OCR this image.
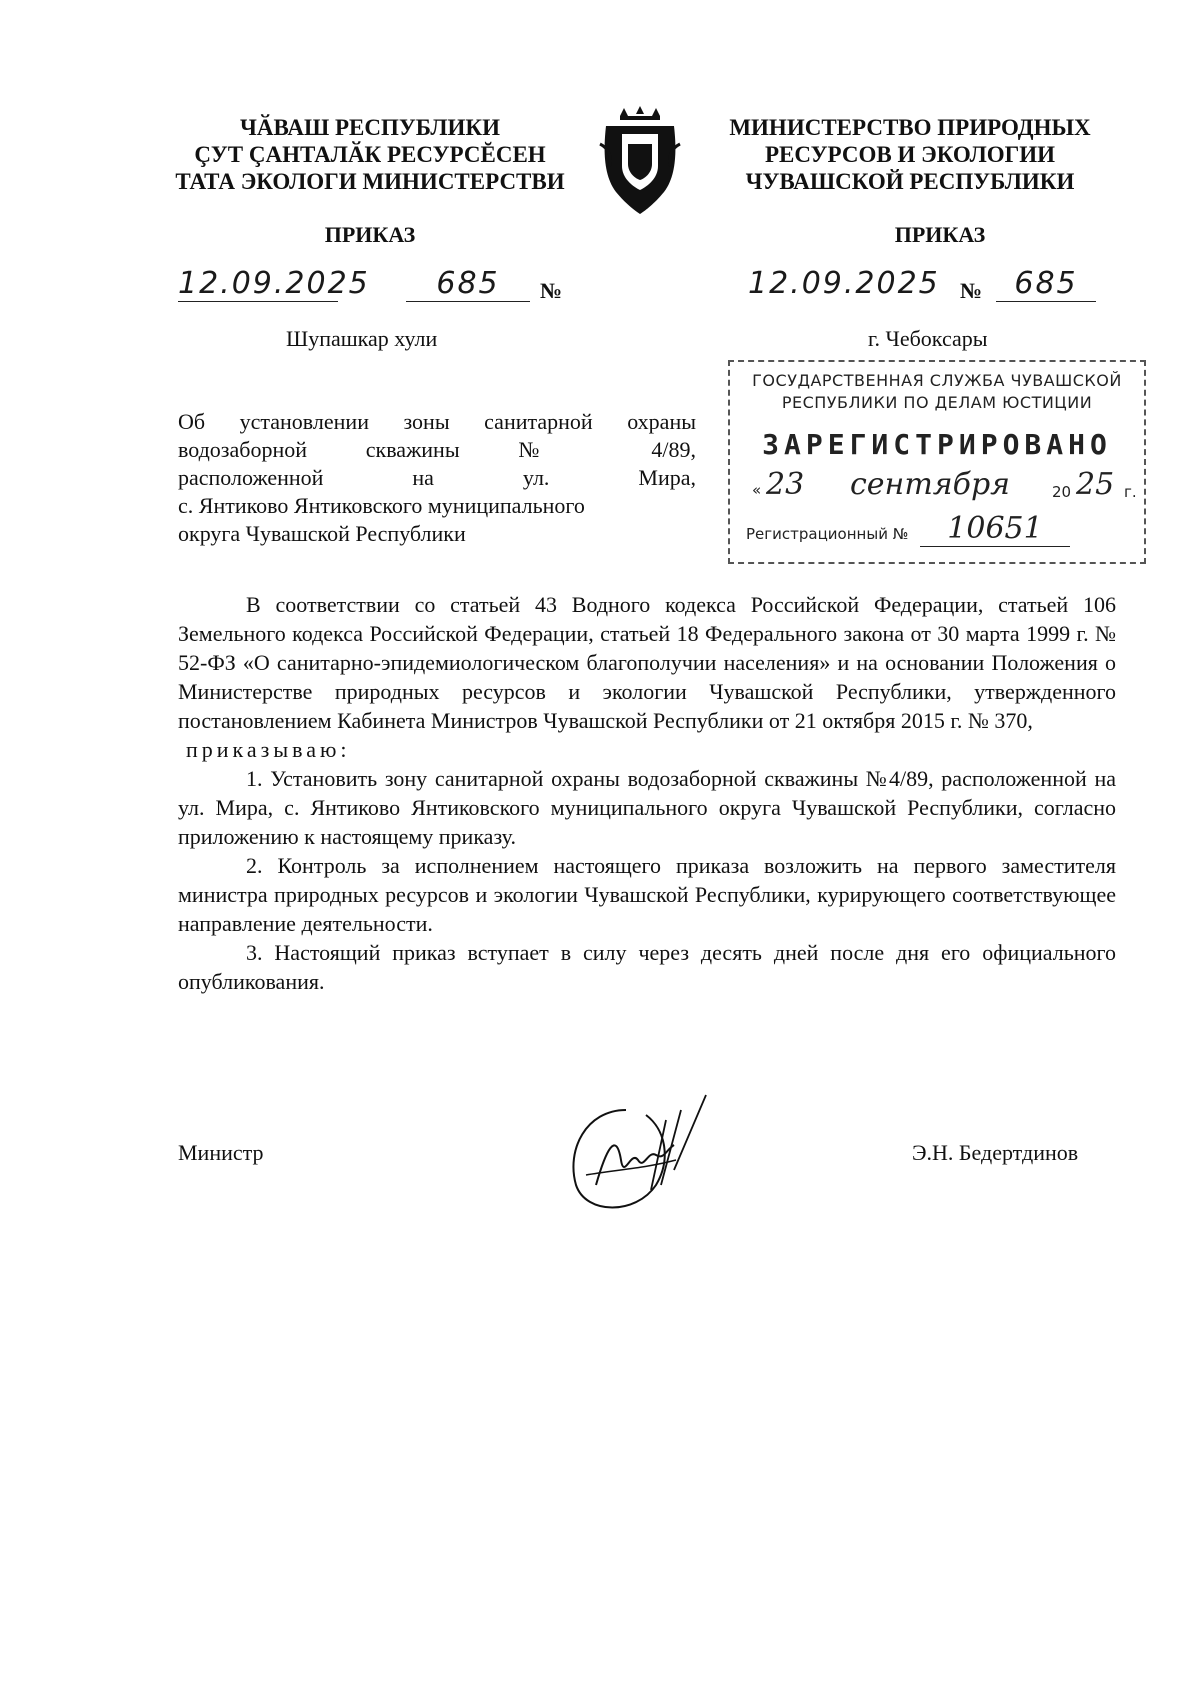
ЧӐВАШ РЕСПУБЛИКИ
ÇУТ ÇАНТАЛӐК РЕСУРСĔСЕН
ТАТА ЭКОЛОГИ МИНИСТЕРСТВИ
МИНИСТЕРСТВО ПРИРОДНЫХ
РЕСУРСОВ И ЭКОЛОГИИ
ЧУВАШСКОЙ РЕСПУБЛИКИ
ПРИКАЗ	ПРИКАЗ
12.09.2025	685	№	12.09.2025 №	685
Шупашкар хули	г. Чебоксары
ГОСУДАРСТВЕННАЯ СЛУЖБА ЧУВАШСКОЙ
РЕСПУБЛИКИ ПО ДЕЛАМ ЮСТИЦИИ
ЗАРЕГИСТРИРОВАНО
« 23 сентября	20 25 г.
Регистрационный №	10651
Об установлении зоны санитарной охраны
водозаборной скважины № 4/89,
расположенной на ул. Мира,
с. Янтиково Янтиковского муниципального
округа Чувашской Республики

В соответствии со статьей 43 Водного кодекса Российской Федерации, статьей 106 Земельного кодекса Российской Федерации, статьей 18 Федерального закона от 30 марта 1999 г. № 52-ФЗ «О санитарно-эпидемиологическом благополучии населения» и на основании Положения о Министерстве природных ресурсов и экологии Чувашской Республики, утвержденного постановлением Кабинета Министров Чувашской Республики от 21 октября 2015 г. № 370,

приказываю:

1. Установить зону санитарной охраны водозаборной скважины №4/89, расположенной на ул. Мира, с. Янтиково Янтиковского муниципального округа Чувашской Республики, согласно приложению к настоящему приказу.

2. Контроль за исполнением настоящего приказа возложить на первого заместителя министра природных ресурсов и экологии Чувашской Республики, курирующего соответствующее направление деятельности.

3. Настоящий приказ вступает в силу через десять дней после дня его официального опубликования.

Министр	Э.Н. Бедертдинов
